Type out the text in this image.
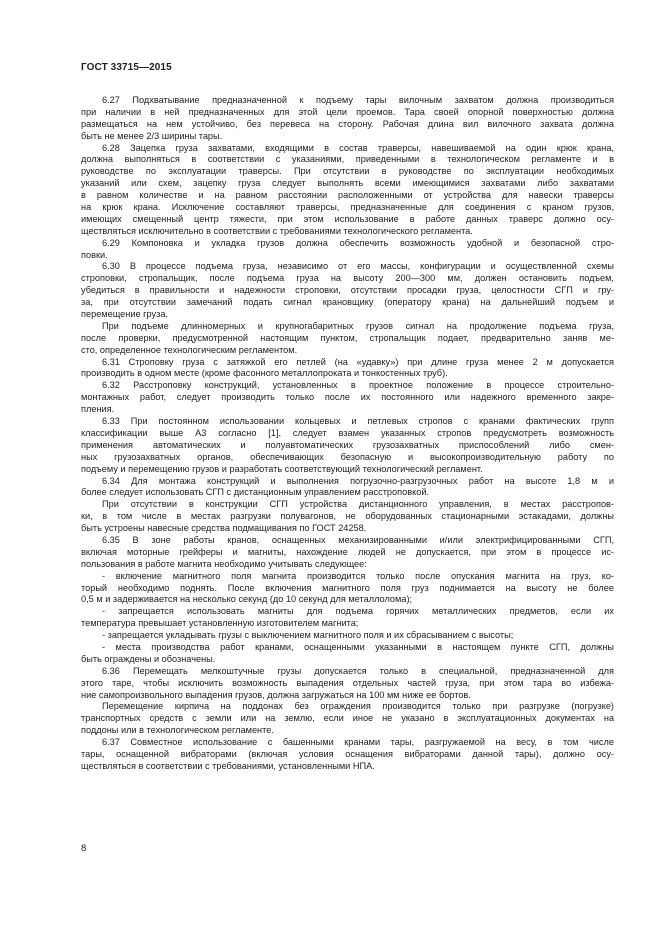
ГОСТ 33715—2015
6.27 Подхватывание предназначенной к подъему тары вилочным захватом должна производиться
при наличии в ней предназначенных для этой цели проемов. Тара своей опорной поверхностью должна
размещаться на нем устойчиво, без перевеса на сторону. Рабочая длина вил вилочного захвата должна
быть не менее 2/3 ширины тары.
6.28 Зацепка груза захватами, входящими в состав траверсы, навешиваемой на один крюк крана,
должна выполняться в соответствии с указаниями, приведенными в технологическом регламенте и в
руководстве по эксплуатации траверсы. При отсутствии в руководстве по эксплуатации необходимых
указаний или схем, зацепку груза следует выполнять всеми имеющимися захватами либо захватами
в равном количестве и на равном расстоянии расположенными от устройства для навески траверсы
на крюк крана. Исключение составляют траверсы, предназначенные для соединения с краном грузов,
имеющих смещенный центр тяжести, при этом использование в работе данных траверс должно осу-
ществляться исключительно в соответствии с требованиями технологического регламента.
6.29 Компоновка и укладка грузов должна обеспечить возможность удобной и безопасной стро-
повки.
6.30 В процессе подъема груза, независимо от его массы, конфигурации и осуществленной схемы
строповки, стропальщик, после подъема груза на высоту 200—300 мм, должен остановить подъем,
убедиться в правильности и надежности строповки, отсутствии просадки груза, целостности СГП и гру-
за, при отсутствии замечаний подать сигнал крановщику (оператору крана) на дальнейший подъем и
перемещение груза.
При подъеме длинномерных и крупногабаритных грузов сигнал на продолжение подъема груза,
после проверки, предусмотренной настоящим пунктом, стропальщик подает, предварительно заняв ме-
сто, определенное технологическим регламентом.
6.31 Строповку груза с затяжкой его петлей (на «удавку») при длине груза менее 2 м допускается
производить в одном месте (кроме фасонного металлопроката и тонкостенных труб).
6.32 Расстроповку конструкций, установленных в проектное положение в процессе строительно-
монтажных работ, следует производить только после их постоянного или надежного временного закре-
пления.
6.33 При постоянном использовании кольцевых и петлевых стропов с кранами фактических групп
классификации выше А3 согласно [1], следует взамен указанных стропов предусмотреть возможность
применения автоматических и полуавтоматических грузозахватных приспособлений либо смен-
ных грузозахватных органов, обеспечивающих безопасную и высокопроизводительную работу по
подъему и перемещению грузов и разработать соответствующий технологический регламент.
6.34 Для монтажа конструкций и выполнения погрузочно-разгрузочных работ на высоте 1,8 м и
более следует использовать СГП с дистанционным управлением расстроповкой.
При отсутствии в конструкции СГП устройства дистанционного управления, в местах расстропов-
ки, в том числе в местах разгрузки полувагонов, не оборудованных стационарными эстакадами, должны
быть устроены навесные средства подмащивания по ГОСТ 24258.
6.35 В зоне работы кранов, оснащенных механизированными и/или электрифицированными СГП,
включая моторные грейферы и магниты, нахождение людей не допускается, при этом в процессе ис-
пользования в работе магнита необходимо учитывать следующее:
- включение магнитного поля магнита производится только после опускания магнита на груз, ко-
торый необходимо поднять. После включения магнитного поля груз поднимается на высоту не более
0,5 м и задерживается на несколько секунд (до 10 секунд для металлолома);
- запрещается использовать магниты для подъема горячих металлических предметов, если их
температура превышает установленную изготовителем магнита;
- запрещается укладывать грузы с выключением магнитного поля и их сбрасыванием с высоты;
- места производства работ кранами, оснащенными указанными в настоящем пункте СГП, должны
быть ограждены и обозначены.
6.36 Перемещать мелкоштучные грузы допускается только в специальной, предназначенной для
этого таре, чтобы исключить возможность выпадения отдельных частей груза, при этом тара во избежа-
ние самопроизвольного выпадения грузов, должна загружаться на 100 мм ниже ее бортов.
Перемещение кирпича на поддонах без ограждения производится только при разгрузке (погрузке)
транспортных средств с земли или на землю, если иное не указано в эксплуатационных документах на
поддоны или в технологическом регламенте.
6.37 Совместное использование с башенными кранами тары, разгружаемой на весу, в том числе
тары, оснащенной вибраторами (включая условия оснащения вибраторами данной тары), должно осу-
ществляться в соответствии с требованиями, установленными НПА.
8
